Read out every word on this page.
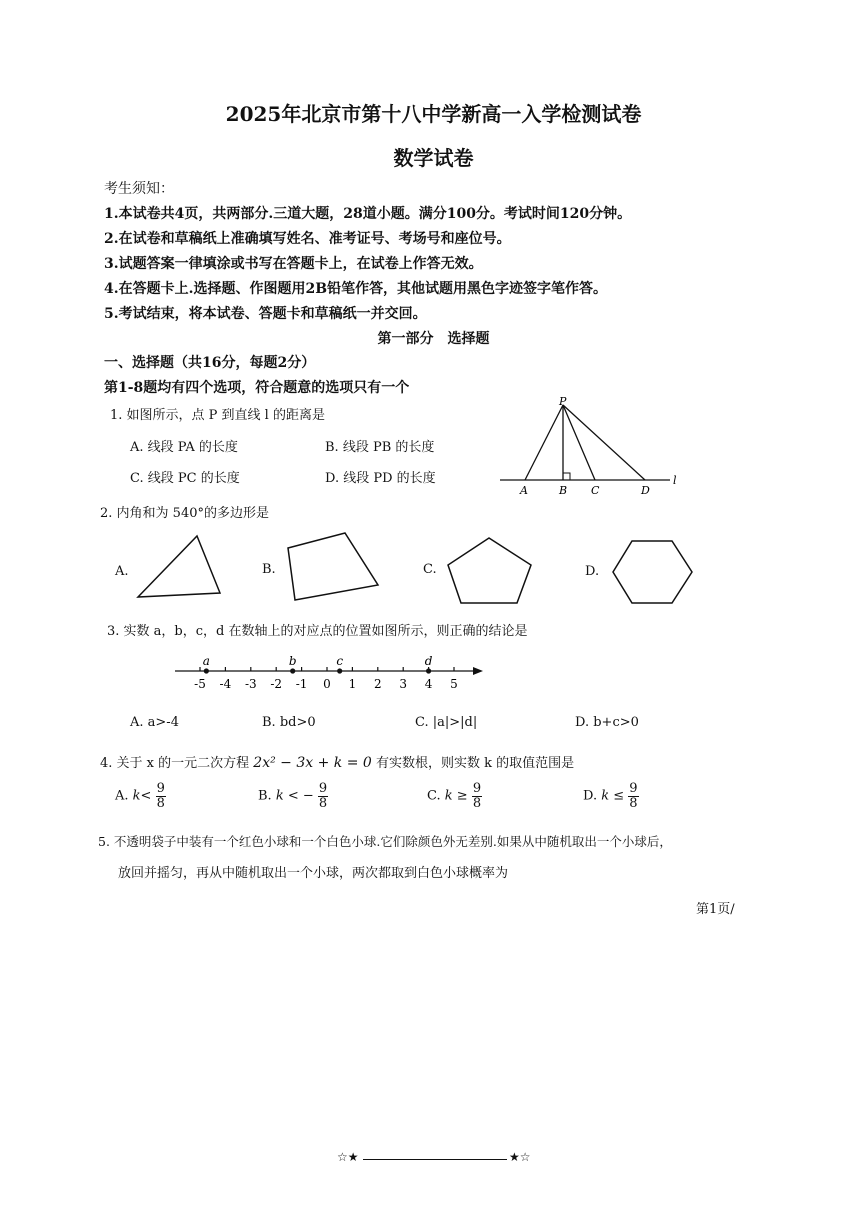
2025年北京市第十八中学新高一入学检测试卷
数学试卷
考生须知：
1.本试卷共4页，共两部分.三道大题，28道小题。满分100分。考试时间120分钟。
2.在试卷和草稿纸上准确填写姓名、准考证号、考场号和座位号。
3.试题答案一律填涂或书写在答题卡上，在试卷上作答无效。
4.在答题卡上.选择题、作图题用2B铅笔作答，其他试题用黑色字迹签字笔作答。
5.考试结束，将本试卷、答题卡和草稿纸一并交回。
第一部分　选择题
一、选择题（共16分，每题2分）
第1-8题均有四个选项，符合题意的选项只有一个
1. 如图所示，点 P 到直线 l 的距离是
A. 线段 PA 的长度	B. 线段 PB 的长度
C. 线段 PC 的长度	D. 线段 PD 的长度
P
A	B C	D
l
2. 内角和为 540°的多边形是
A.	B.	C.	D.
3. 实数 a，b，c，d 在数轴上的对应点的位置如图所示，则正确的结论是
-5 -4 -3 -2 -1 0 1 2 3 4 5
a	b	c	d
A. a>-4	B. bd>0	C. |a|>|d|	D. b+c>0
4. 关于 x 的一元二次方程 2x² − 3x + k = 0 有实数根，则实数 k 的取值范围是
A. $k< \frac{9}{8}$	B. k < − $\frac{9}{8}$	C. $k \ge \frac{9}{8}$	D. $k \le \frac{9}{8}$
5. 不透明袋子中装有一个红色小球和一个白色小球.它们除颜色外无差别.如果从中随机取出一个小球后，
放回并摇匀，再从中随机取出一个小球，两次都取到白色小球概率为
第1页/
☆★	★☆
